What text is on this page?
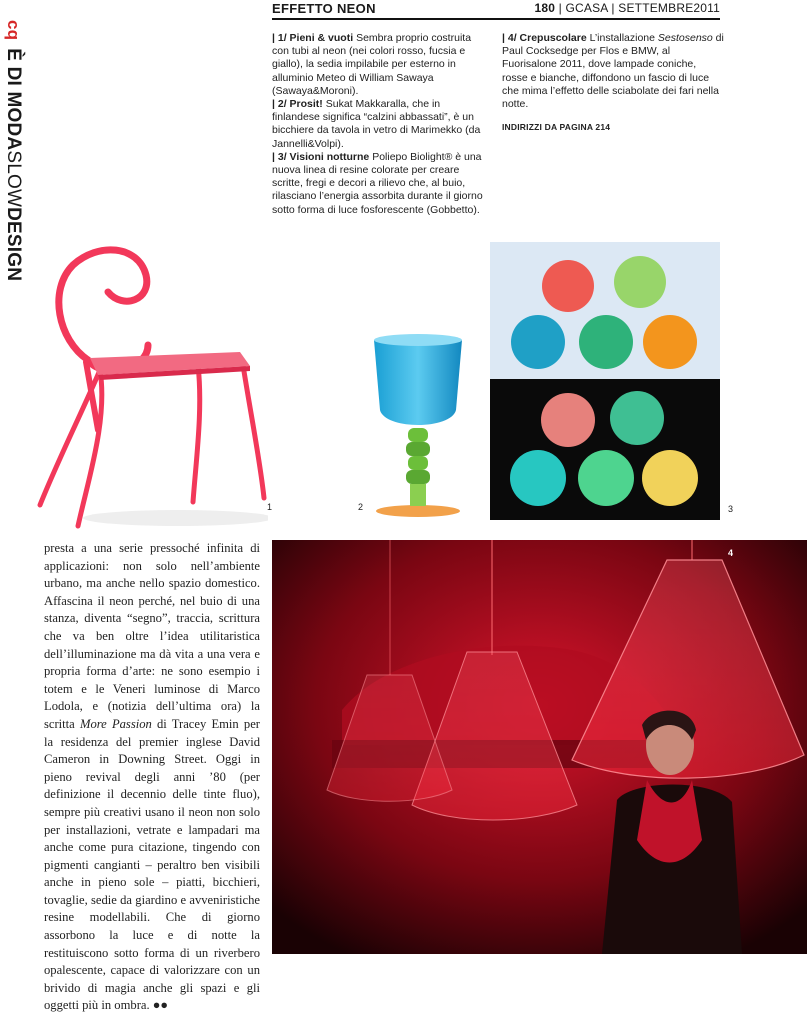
cqÈ DI MODASLOWDESIGN
EFFETTO NEON	180 | GCASA | SETTEMBRE2011
| 1/ Pieni & vuoti Sembra proprio costruita con tubi al neon (nei colori rosso, fucsia e giallo), la sedia impilabile per esterno in alluminio Meteo di William Sawaya (Sawaya&Moroni).
| 2/ Prosit! Sukat Makkaralla, che in finlandese significa “calzini abbassati”, è un bicchiere da tavola in vetro di Marimekko (da Jannelli&Volpi).
| 3/ Visioni notturne Poliepo Biolight® è una nuova linea di resine colorate per creare scritte, fregi e decori a rilievo che, al buio, rilasciano l’energia assorbita durante il giorno sotto forma di luce fosforescente (Gobbetto).
| 4/ Crepuscolare L’installazione Sestosenso di Paul Cocksedge per Flos e BMW, al Fuorisalone 2011, dove lampade coniche, rosse e bianche, diffondono un fascio di luce che mima l’effetto delle sciabolate dei fari nella notte.
INDIRIZZI DA PAGINA 214
1	2	3
presta a una serie pressoché infinita di applicazioni: non solo nell’ambiente urbano, ma anche nello spazio domestico. Affascina il neon perché, nel buio di una stanza, diventa “segno”, traccia, scrittura che va ben oltre l’idea utilitaristica dell’illuminazione ma dà vita a una vera e propria forma d’arte: ne sono esempio i totem e le Veneri luminose di Marco Lodola, e (notizia dell’ultima ora) la scritta More Passion di Tracey Emin per la residenza del premier inglese David Cameron in Downing Street. Oggi in pieno revival degli anni ’80 (per definizione il decennio delle tinte fluo), sempre più creativi usano il neon non solo per installazioni, vetrate e lampadari ma anche come pura citazione, tingendo con pigmenti cangianti – peraltro ben visibili anche in pieno sole – piatti, bicchieri, tovaglie, sedie da giardino e avveniristiche resine modellabili. Che di giorno assorbono la luce e di notte la restituiscono sotto forma di un riverbero opalescente, capace di valorizzare con un brivido di magia anche gli spazi e gli oggetti più in ombra. ●●
4
